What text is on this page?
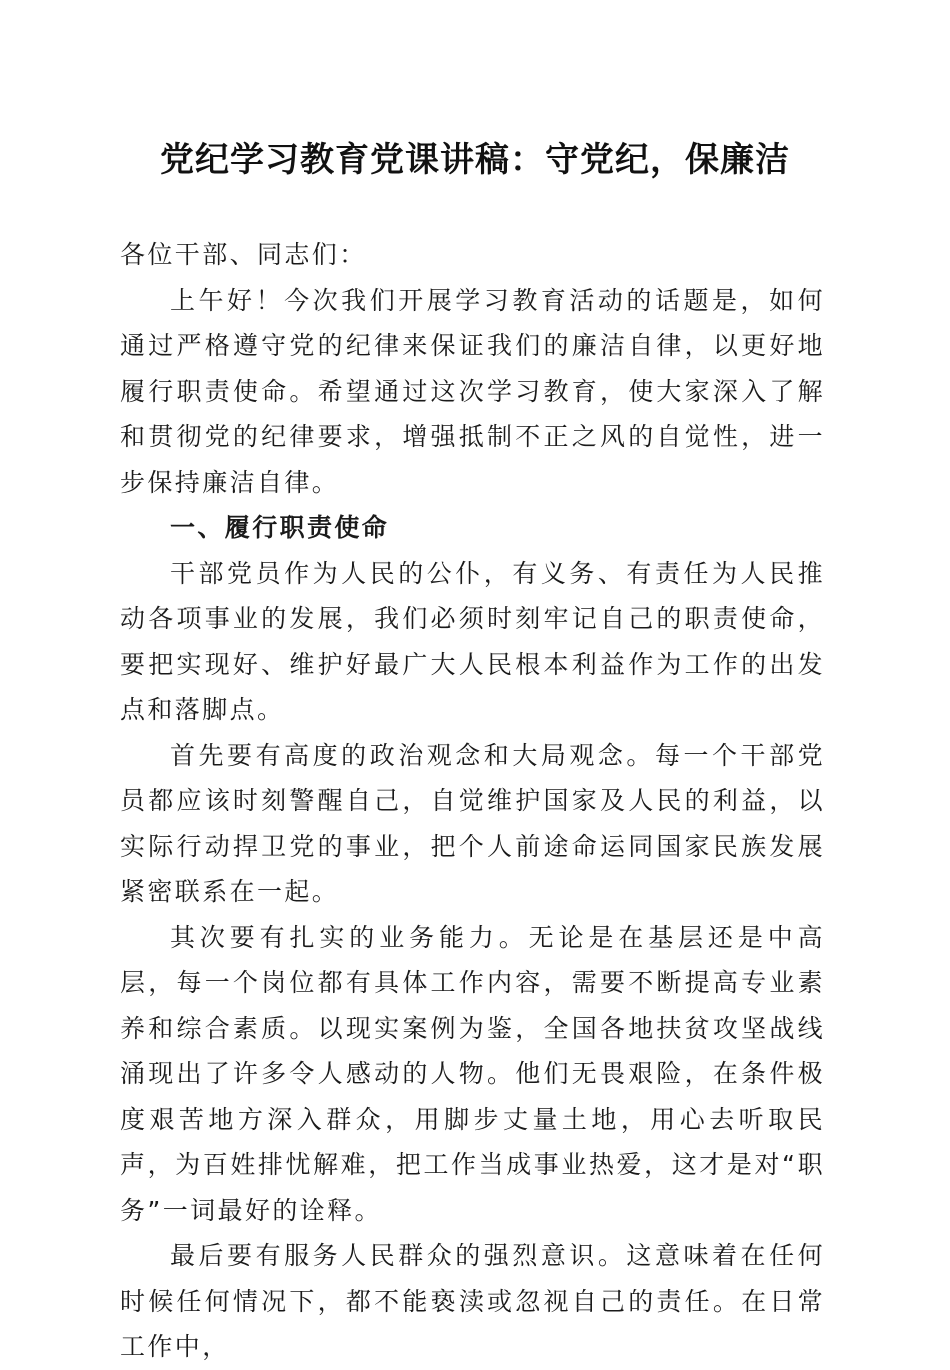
党纪学习教育党课讲稿：守党纪，保廉洁

各位干部、同志们：

上午好！今次我们开展学习教育活动的话题是，如何通过严格遵守党的纪律来保证我们的廉洁自律，以更好地履行职责使命。希望通过这次学习教育，使大家深入了解和贯彻党的纪律要求，增强抵制不正之风的自觉性，进一步保持廉洁自律。

一、履行职责使命

干部党员作为人民的公仆，有义务、有责任为人民推动各项事业的发展，我们必须时刻牢记自己的职责使命，要把实现好、维护好最广大人民根本利益作为工作的出发点和落脚点。

首先要有高度的政治观念和大局观念。每一个干部党员都应该时刻警醒自己，自觉维护国家及人民的利益，以实际行动捍卫党的事业，把个人前途命运同国家民族发展紧密联系在一起。

其次要有扎实的业务能力。无论是在基层还是中高层，每一个岗位都有具体工作内容，需要不断提高专业素养和综合素质。以现实案例为鉴，全国各地扶贫攻坚战线涌现出了许多令人感动的人物。他们无畏艰险，在条件极度艰苦地方深入群众，用脚步丈量土地，用心去听取民声，为百姓排忧解难，把工作当成事业热爱，这才是对“职务”一词最好的诠释。

最后要有服务人民群众的强烈意识。这意味着在任何时候任何情况下，都不能亵渎或忽视自己的责任。在日常工作中，
